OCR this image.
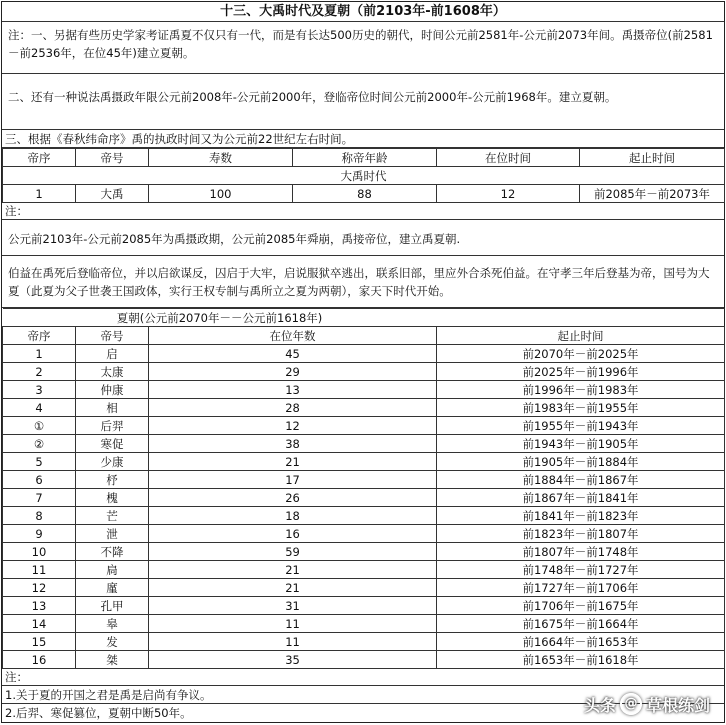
十三、大禹时代及夏朝（前2103年-前1608年）
注：一、另据有些历史学家考证禹夏不仅只有一代，而是有长达500历史的朝代，时间公元前2581年-公元前2073年间。禹摄帝位(前2581－前2536年，在位45年)建立夏朝。
二、还有一种说法禹摄政年限公元前2008年-公元前2000年，登临帝位时间公元前2000年-公元前1968年。建立夏朝。
三、根据《春秋纬命序》禹的执政时间又为公元前22世纪左右时间。
帝序	帝号	寿数	称帝年龄	在位时间	起止时间
大禹时代					
1	大禹	100	88	12	前2085年－前2073年
注：
公元前2103年-公元前2085年为禹摄政期，公元前2085年舜崩，禹接帝位，建立禹夏朝.
伯益在禹死后登临帝位，并以启欲谋反，囚启于大牢，启说服狱卒逃出，联系旧部，里应外合杀死伯益。在守孝三年后登基为帝，国号为大夏（此夏为父子世袭王国政体，实行王权专制与禹所立之夏为两朝），家天下时代开始。
夏朝(公元前2070年－－公元前1618年)			
帝序	帝号	在位年数	起止时间
1	启	45	前2070年－前2025年
2	太康	29	前2025年－前1996年
3	仲康	13	前1996年－前1983年
4	相	28	前1983年－前1955年
①	后羿	12	前1955年－前1943年
②	寒促	38	前1943年－前1905年
5	少康	21	前1905年－前1884年
6	杼	17	前1884年－前1867年
7	槐	26	前1867年－前1841年
8	芒	18	前1841年－前1823年
9	泄	16	前1823年－前1807年
10	不降	59	前1807年－前1748年
11	扃	21	前1748年－前1727年
12	廑	21	前1727年－前1706年
13	孔甲	31	前1706年－前1675年
14	皋	11	前1675年－前1664年
15	发	11	前1664年－前1653年
16	桀	35	前1653年－前1618年
注：
1.关于夏的开国之君是禹是启尚有争议。
2.后羿、寒促篡位，夏朝中断50年。	头条 @ 草根练剑
